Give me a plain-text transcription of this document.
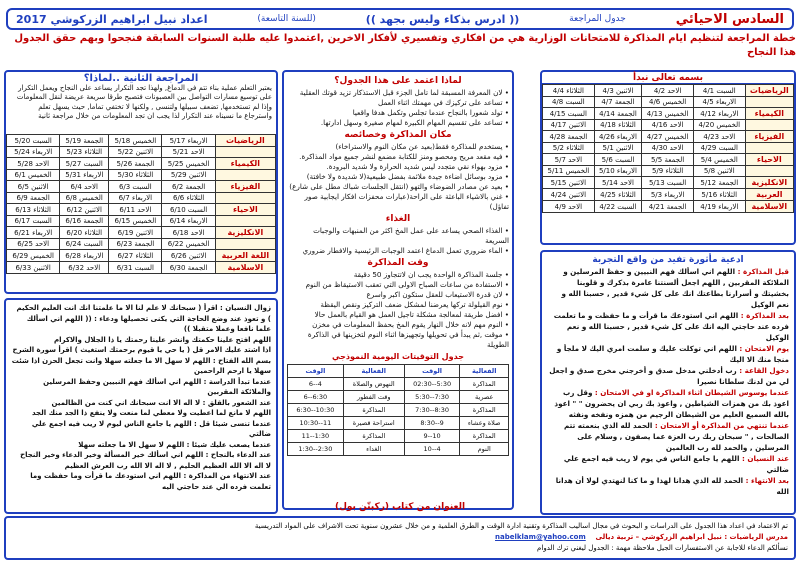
السادس الاحيائي
جدول المراجعة
(( ادرس بذكاء وليس بجهد ))
(للسنة التاسعة)
اعداد نبيل ابراهيم الزركوشي 2017
خطة المراجعة لتنظيم ايام المذاكرة للامتحانات الوزارية هي من افكاري وتفسيري لأفكار الاخرين ,اعتمدوا عليه طلبة السنوات السابقة فنجحوا وبهم حقق الجدول هذا النجاح
بسمه تعالى نبدأ
الرياضيات	السبت 4/1	الاحد 4/2	الاثنين 4/3	الثلاثاء 4/4
	الاربعاء 4/5	الخميس 4/6	الجمعة 4/7	السبت 4/8
الكيمياء	الاربعاء 4/12	الخميس 4/13	الجمعة 4/14	السبت 4/15
	الخميس 4/20	الاحد 4/16	الثلاثاء 4/18	الاثنين 4/17
الفيزياء	الاحد 4/23	الخميس 4/27	الاربعاء 4/26	الجمعة 4/28
	السبت 4/29	الاحد 4/30	الاثنين 5/1	الثلاثاء 5/2
الاحياء	الخميس 5/4	الجمعة 5/5	السبت 5/6	الاحد 5/7
	الاثنين 5/8	الثلاثاء 5/9	الاربعاء 5/10	الخميس 5/11
الانكليزية	الجمعة 5/12	السبت 5/13	الاحد 5/14	الاثنين 5/15
العربية	الثلاثاء 5/16	الاربعاء 5/3	الثلاثاء 4/25	الاثنين 4/24
الاسلامية	الاربعاء 4/19	الجمعة 4/21	السبت 4/22	الاحد 4/9
المراجعة الثانية ..لماذا؟
يعتبر التعلم عملية بناء تتم في الدماغ, ولهذا تجد التكرار يساعد على النجاح ويعمل التكرار على توسيع مسارات التواصل بين العصبونات فتصبح طرقا سريعة عريضة لنقل المعلومات وإذا لم تستخدمها, تضعف سبيلها ولتنسى , ولكنها لا تختفي تماما, حيث يسهل تعلم واسترجاع ما نسيناه عند التكرار لذا يجب ان تجد المعلومات من خلال مراجعة ثانية
الرياضيات	الاربعاء 5/17	الخميس 5/18	الجمعة 5/19	السبت 5/20
	الاحد 5/21	الاثنين 5/22	الثلاثاء 5/23	الاربعاء 5/24
الكيمياء	الخميس 5/25	الجمعة 5/26	السبت 5/27	الاحد 5/28
	الاثنين 5/29	الثلاثاء 5/30	الاربعاء 5/31	الخميس 6/1
الفيزياء	الجمعة 6/2	السبت 6/3	الاحد 6/4	الاثنين 6/5
	الثلاثاء 6/6	الاربعاء 6/7	الخميس 6/8	الجمعة 6/9
الاحياء	السبت 6/10	الاحد 6/11	الاثنين 6/12	الثلاثاء 6/13
	الاربعاء 6/14	الخميس 6/15	الجمعة 6/16	السبت 6/17
الانكليزية	الاحد 6/18	الاثنين 6/19	الثلاثاء 6/20	الاربعاء 6/21
	الخميس 6/22	الجمعة 6/23	السبت 6/24	الاحد 6/25
اللغة العربية	الاثنين 6/26	الثلاثاء 6/27	الاربعاء 6/28	الخميس 6/29
الاسلامية	الجمعة 6/30	السبت 6/31	الاحد 6/32	الاثنين 6/33
لماذا اعتمد على هذا الجدول؟
• لان المعرفة المسبقة لما تامل الجزء قبل الاستذكار تزيد قوتك العقلية
• تساعد على تركيزك في مهمتك اثناء العمل
• تولد شعورا بالنجاح عندما تجلس وتكمل هدفا واقعيا
• تساعد على تقسيم المهام الكبيرة لمهام صغيرة وسهل ادارتها.
مكان المذاكرة وخصائصه
• يستخدم للمذاكرة فقط(بعيد عن مكان النوم والاستراخاء)
• فيه مقعد مريح ومحصو ومنز للكتابة مضمع لنشر جميع مواد المذاكرة.
• مزود بهواء نقي متجدد ليس شديد الحرارة ولا شديد البرودة.
• مزود بوسائل اضاءة جيدة ملائمة بفضل طبيعية(لا شديدة ولا خافتة)
• بعيد عن مصادر الضوضاء والتهو (انتقل الجلسات شباك مطل على شارع)
• غني بالاشياء الباعثة على الراحة(عبارات محفزات افكار ايجابية صور تفاؤل)
الغذاء
• الغذاء الصحي يساعد على عمل المخ اكثر من المنبهات والوجبات السريعة
• الماء ضروري تعمل الدماغ اعتمد الوجبات الرئيسية والافطار ضروري
وقت المذاكرة
• جلسة المذاكرة الواحدة يجب ان لاتتجاوز 50 دقيقة
• الاستفادة من ساعات الصباح الاولى التي تعقب الاستيقاظ من النوم
• لان قدرة الاستيعاب للعقل ستكون اكبر واسرع
• نوم القيلولة تركها يعرضنا لمشكل ضعف التركيز ونقص اليقظة
• افضل طريقة لمعالجة مشكلة تاجيل العمل هو القيام بالعمل حالا
• النوم مهم لانه خلال النهار يقوم المخ بحفظ المعلومات في مخزن
• موقت ,ثم يبدأ في تحويلها وتجهيزها اثناء النوم لتخزينها في الذاكرة الطويلة
جدول التوقيتات اليومية النموذجي
الفعالية	الوقت	الفعالية	الوقت
المذاكرة	5:30--02:30	النهوض والصلاة	4--6
عصرية	7:30--5:30	وقت الفطور	6:30--6
المذاكرة	8:30--7:30	المذاكرة	10:30--6:30
صلاة وعشاء	9--8:30	استراحة قصيرة	11--10:30
المذاكرة	10--9	المذاكرة	1:30--11
النوم	4--10	الغداء	2:30--1:30
العنوان من كتاب (ركبتّن بول)
زوال النسيان : اقرأ ( سبحانك لا علم لنا الا ما علمتنا انك انت العليم الحكيم ) و تعوذ عند وضع الحاجة التي يكنى تحصيلها ودعاء : (( اللهم اني اسألك علما نافعا وعملا متقبلا ))
اللهم افتح علينا حكمتك وانشر علينا رحمتك يا ذا الجلال والاكرام
اذا اشتد عليك الامر قل ( يا حي يا قيوم برحمتك استغيث ) اقرأ سورة الشرح
بسم الله الفتاح : اللهم لا سهل الا ما جعلته سهلا وانت تجعل الحزن اذا شئت سهلا يا ارحم الراحمين
عندما تبدأ الدراسة : اللهم اني اسألك فهم النبيين وحفظ المرسلين والملائكة المقربين
عند الشعور بالقلق : لا اله الا انت سبحانك اني كنت من الظالمين
اللهم لا مانع لما اعطيت ولا معطي لما منعت ولا ينفع ذا الجد منك الجد
عندما تنسى شيئا قل : اللهم يا جامع الناس ليوم لا ريب فيه اجمع علي ضالتي
عندما يصعب عليك شيئا : اللهم لا سهل الا ما جعلته سهلا
عند الدعاء بالنجاح : اللهم اني اسألك خير المسألة وخير الدعاء وخير النجاح
لا اله الا الله العظيم الحليم , لا اله الا الله رب العرش العظيم
عند الانتهاء من المذاكرة : اللهم اني استودعك ما قرأت وما حفظت وما تعلمت فرده الي عند حاجتي اليه
ادعية مأثورة تفيد من واقع التجربة
قبل المذاكرة : اللهم اني اسألك فهم النبيين و حفظ المرسلين و الملائكة المقربين , اللهم اجعل ألسنتنا عامرة بذكرك و قلوبنا بخشيتك و أسرارنا بطاعتك انك على كل شيء قدير , حسبنا الله و نعم الوكيل
بعد المذاكرة : اللهم اني استودعك ما قرأت و ما حفظت و ما تعلمت فرده عند حاجتي اليه انك على كل شيء قدير , حسبنا الله و نعم الوكيل
يوم الامتحان : اللهم اني توكلت عليك و سلمت امري اليك لا ملجأ و منجا منك الا اليك
دخول القاعة : رب أدخلني مدخل صدق و أخرجني مخرج صدق و اجعل لي من لدنك سلطانا نصيرا
عندما يوسوس الشيطان اثناء المذاكرة او في الامتحان : وقل رب اعوذ بك من همزات الشياطين , واعوذ بك ربي ان يحضرون " " اعوذ بالله السميع العليم من الشيطان الرجيم من همزه ونفخه ونفثه
عندما تنتهي من المذاكرة أو الامتحان : الحمد لله الذي بنعمته تتم الصالحات , " سبحان ربك رب العزة عما يصفون , وسلام على المرسلين , والحمد لله رب العالمين
عند النسيان : اللهم يا جامع الناس في يوم لا ريب فيه اجمع علي ضالتي
بعد الانتهاء : الحمد لله الذي هدانا لهذا و ما كنا لنهتدي لولا أن هدانا الله
تم الاعتماد في اعداد هذا الجدول على الدراسات و البحوث في مجال اساليب المذاكرة وتقنية ادارة الوقت و الطرق العلمية و من خلال عشرون سنوية تحت الاشراف على المواد التدريسية
مدرس الرياضيات : نبيل ابراهيم الزركوشي – تربية ديالى    nabelklam@yahoo.com
نسألكم الدعاء للاجابة عن الاستفسارات الجيل ملاحظة مهمة : الجدول ليغني ترك الدوام
